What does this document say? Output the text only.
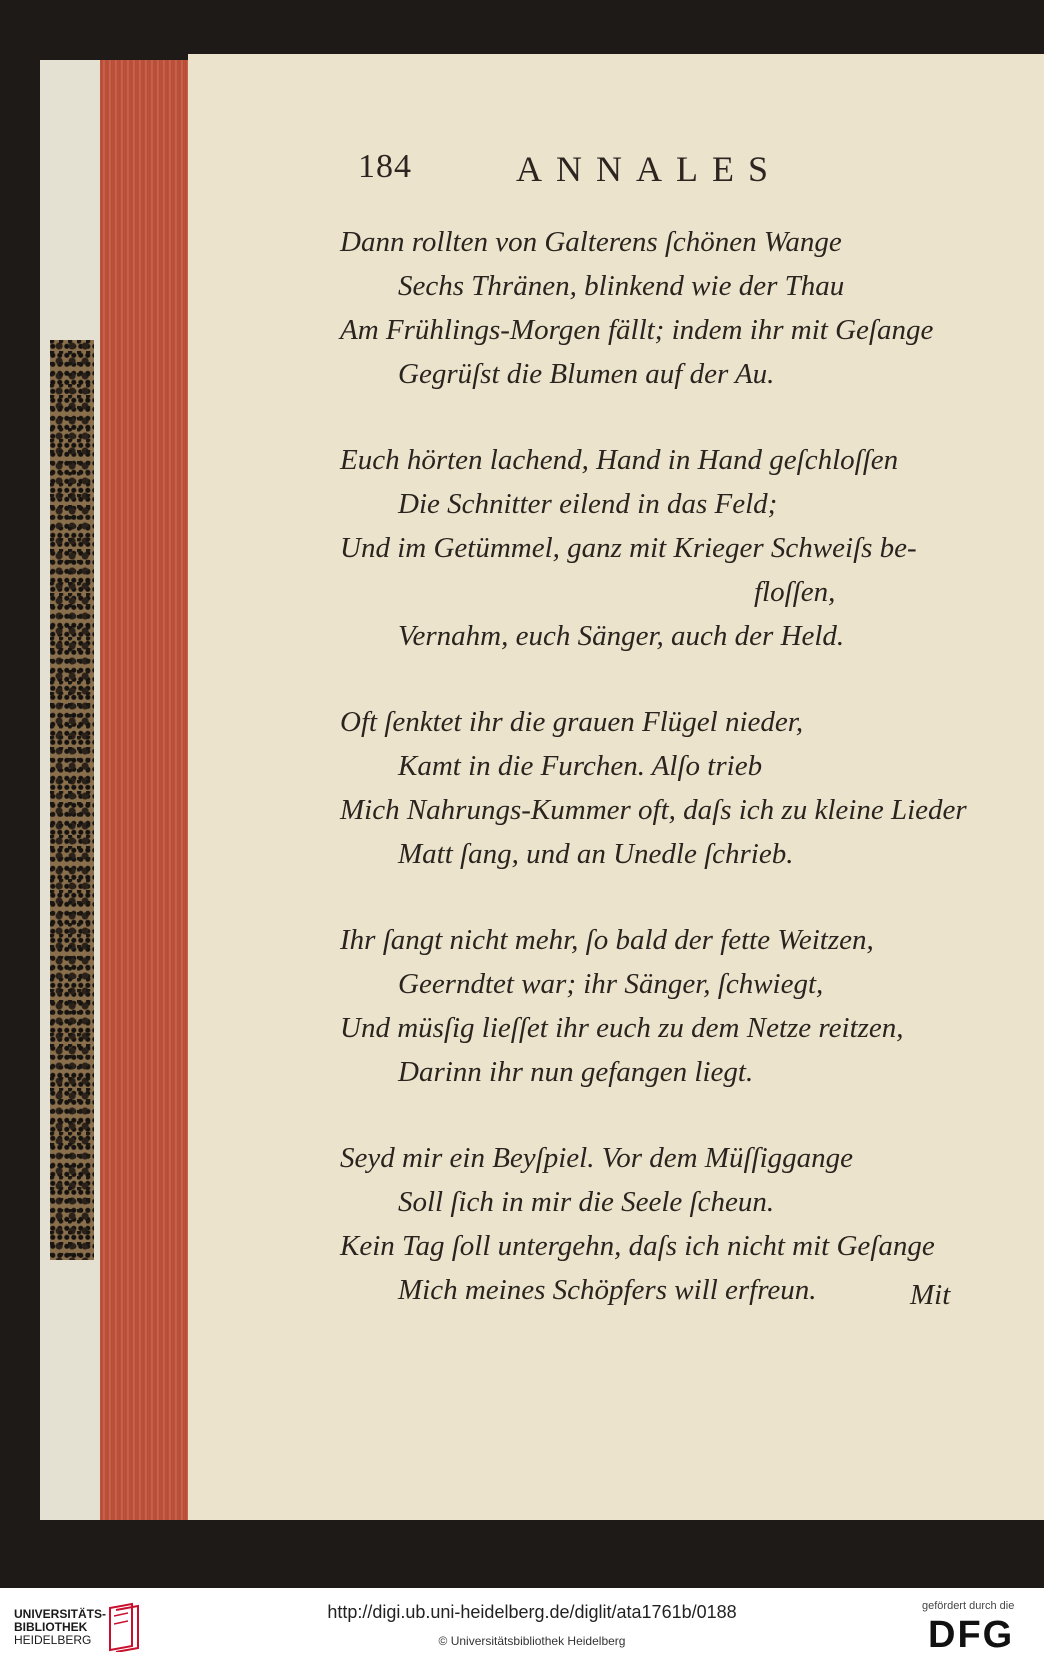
184	ANNALES
Dann rollten von Galterens ſchönen Wange
Sechs Thränen, blinkend wie der Thau
Am Frühlings-Morgen fällt; indem ihr mit Geſange
Gegrüſst die Blumen auf der Au.
Euch hörten lachend, Hand in Hand geſchloſſen
Die Schnitter eilend in das Feld;
Und im Getümmel, ganz mit Krieger Schweiſs be-
floſſen,
Vernahm, euch Sänger, auch der Held.
Oft ſenktet ihr die grauen Flügel nieder,
Kamt in die Furchen. Alſo trieb
Mich Nahrungs-Kummer oft, daſs ich zu kleine Lieder
Matt ſang, und an Unedle ſchrieb.
Ihr ſangt nicht mehr, ſo bald der fette Weitzen,
Geerndtet war; ihr Sänger, ſchwiegt,
Und müsſig lieſſet ihr euch zu dem Netze reitzen,
Darinn ihr nun gefangen liegt.
Seyd mir ein Beyſpiel. Vor dem Müſſiggange
Soll ſich in mir die Seele ſcheun.
Kein Tag ſoll untergehn, daſs ich nicht mit Geſange
Mich meines Schöpfers will erfreun.	Mit
UNIVERSITÄTS-
BIBLIOTHEK
HEIDELBERG
http://digi.ub.uni-heidelberg.de/diglit/ata1761b/0188
© Universitätsbibliothek Heidelberg
gefördert durch die
DFG
